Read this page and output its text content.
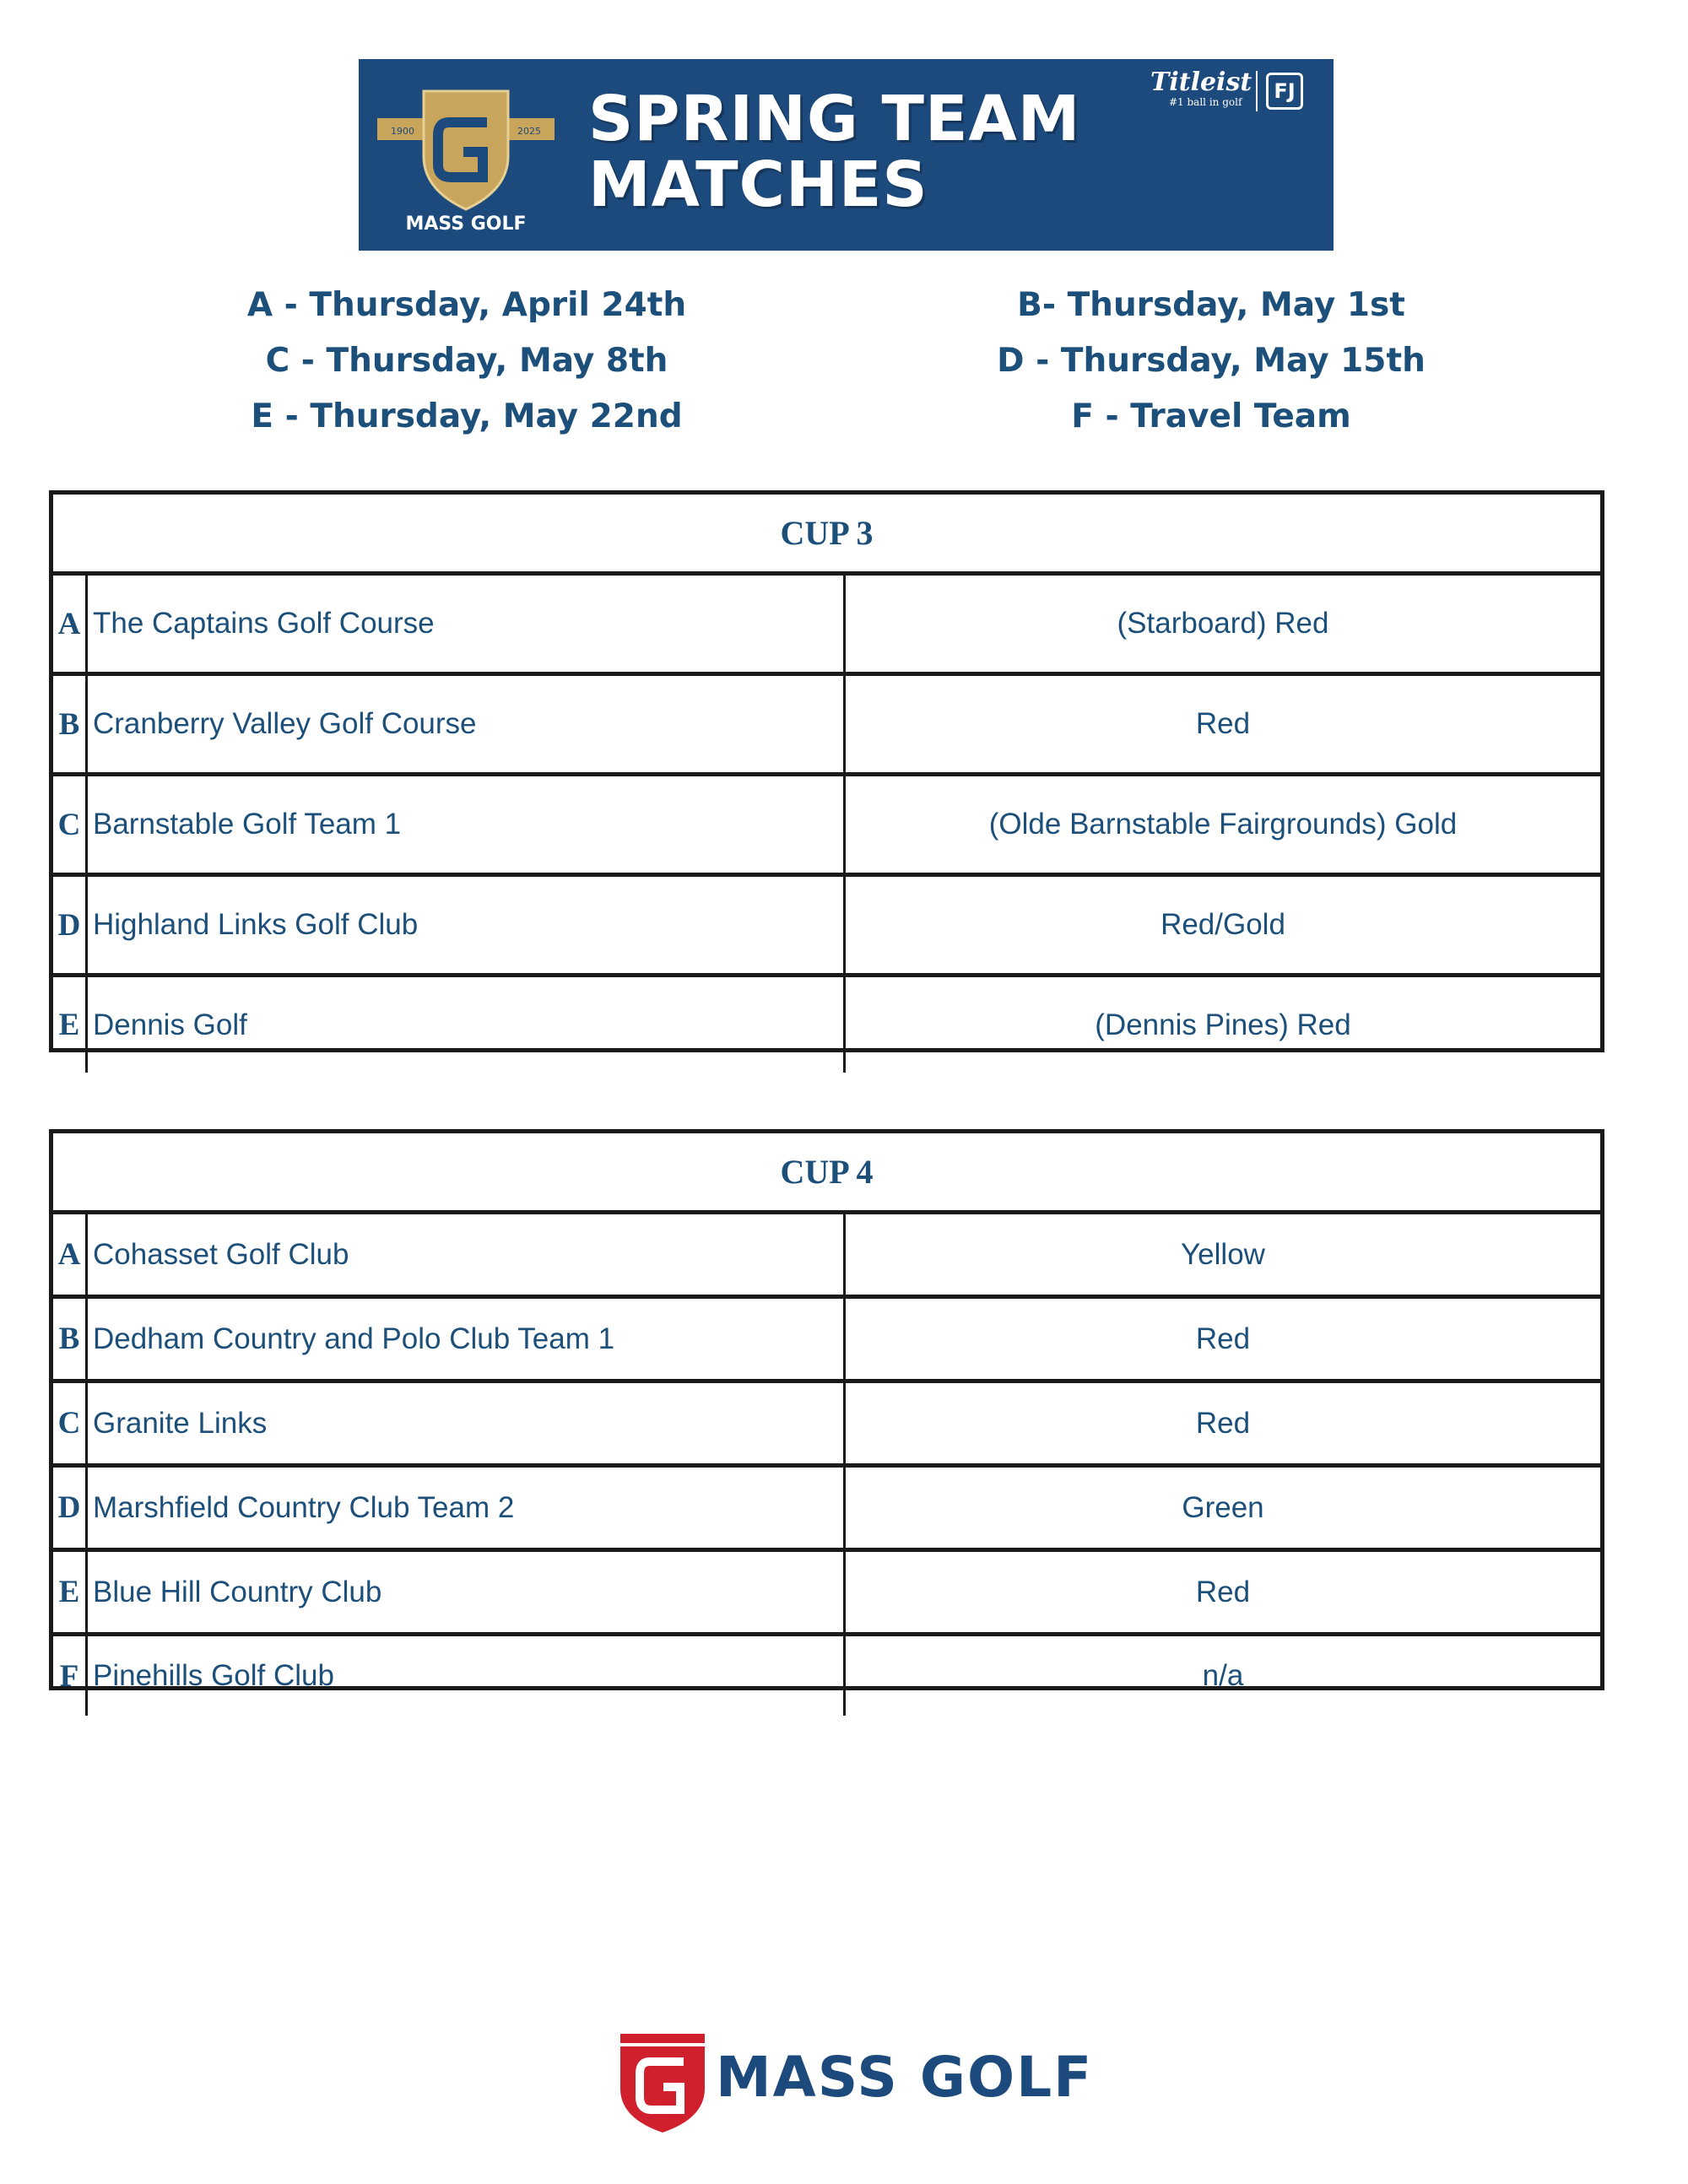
1900	2025
MASS GOLF
SPRING TEAM
MATCHES
Titleist
#1 ball in golf	FJ
A - Thursday, April 24th	B- Thursday, May 1st
C - Thursday, May 8th	D - Thursday, May 15th
E - Thursday, May 22nd	F - Travel Team
CUP 3
A The Captains Golf Course	(Starboard) Red
B Cranberry Valley Golf Course	Red
C Barnstable Golf Team 1	(Olde Barnstable Fairgrounds) Gold
D Highland Links Golf Club	Red/Gold
E Dennis Golf	(Dennis Pines) Red
CUP 4
A Cohasset Golf Club	Yellow
B Dedham Country and Polo Club Team 1	Red
C Granite Links	Red
D Marshfield Country Club Team 2	Green
E Blue Hill Country Club	Red
F Pinehills Golf Club	n/a
MASS GOLF
